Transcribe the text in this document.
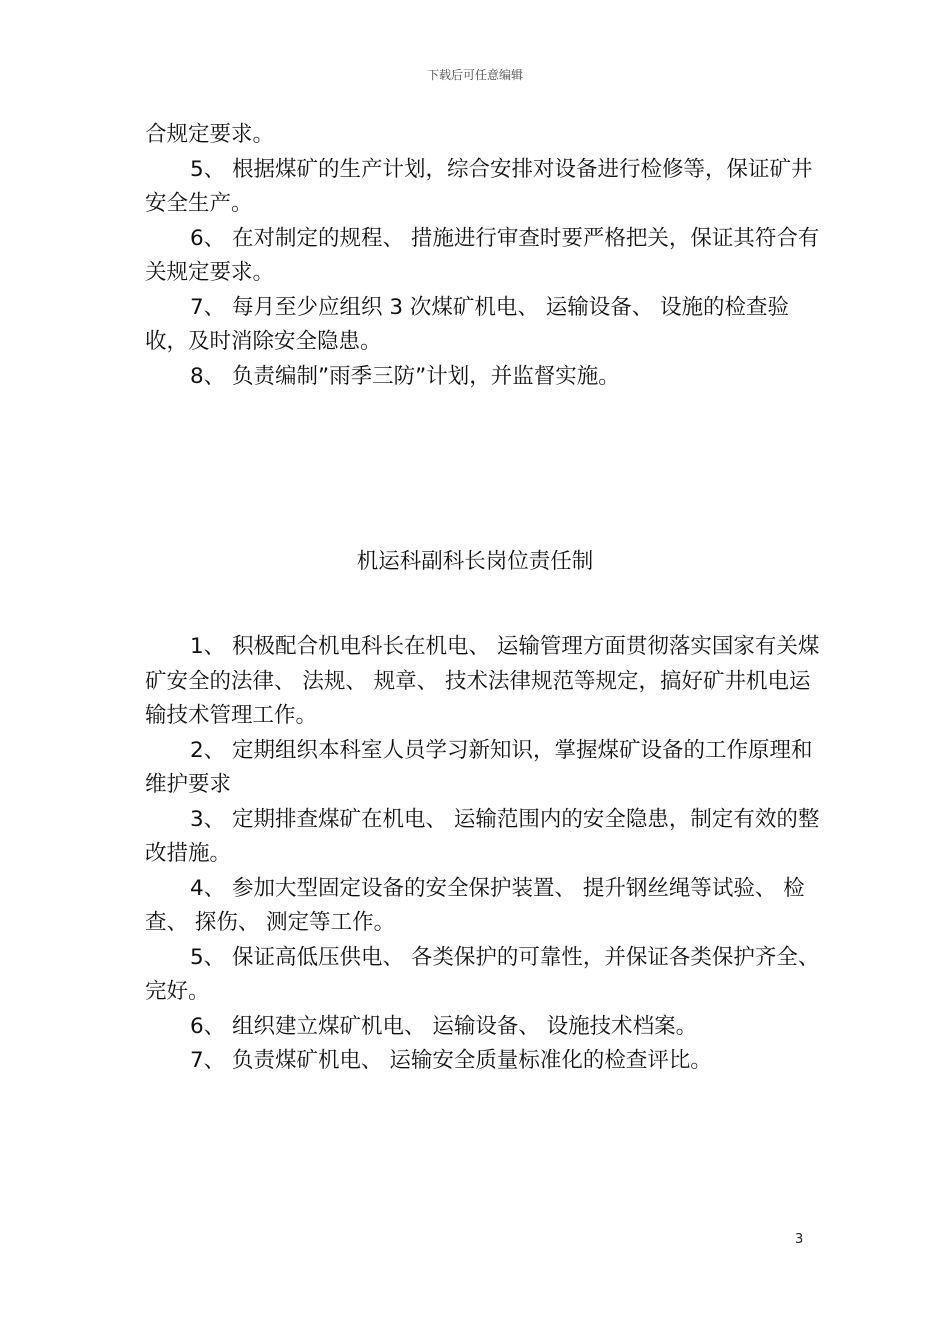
下载后可任意编辑

合规定要求。

5、 根据煤矿的生产计划，综合安排对设备进行检修等，保证矿井安全生产。

6、 在对制定的规程、 措施进行审查时要严格把关，保证其符合有关规定要求。

7、 每月至少应组织 3 次煤矿机电、 运输设备、 设施的检查验收，及时消除安全隐患。

8、 负责编制”雨季三防”计划，并监督实施。

机运科副科长岗位责任制

1、 积极配合机电科长在机电、 运输管理方面贯彻落实国家有关煤矿安全的法律、 法规、 规章、 技术法律规范等规定，搞好矿井机电运输技术管理工作。

2、 定期组织本科室人员学习新知识，掌握煤矿设备的工作原理和维护要求

3、 定期排查煤矿在机电、 运输范围内的安全隐患，制定有效的整改措施。

4、 参加大型固定设备的安全保护装置、 提升钢丝绳等试验、 检查、 探伤、 测定等工作。

5、 保证高低压供电、 各类保护的可靠性，并保证各类保护齐全、 完好。

6、 组织建立煤矿机电、 运输设备、 设施技术档案。

7、 负责煤矿机电、 运输安全质量标准化的检查评比。

3
